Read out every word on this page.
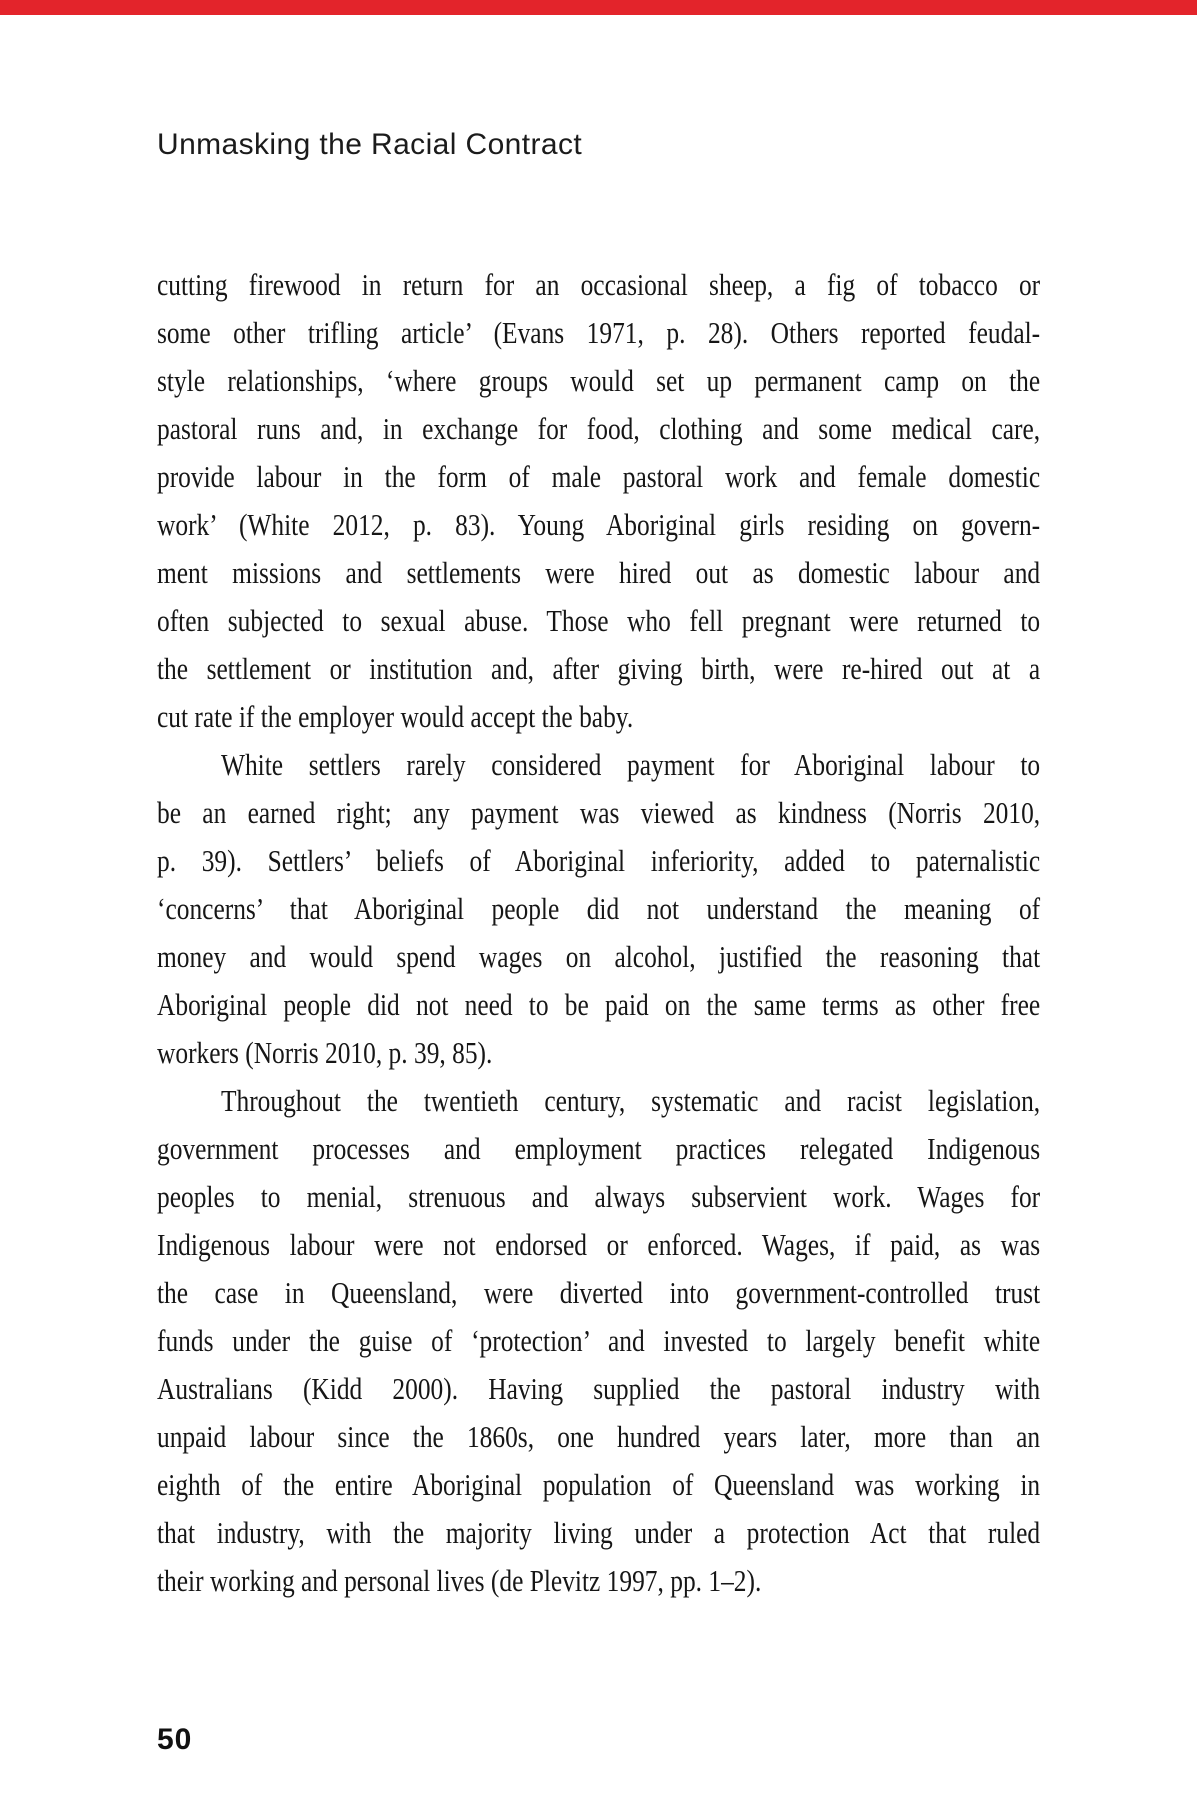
Unmasking the Racial Contract
cutting firewood in return for an occasional sheep, a fig of tobacco or
some other trifling article’ (Evans 1971, p. 28). Others reported feudal-
style relationships, ‘where groups would set up permanent camp on the
pastoral runs and, in exchange for food, clothing and some medical care,
provide labour in the form of male pastoral work and female domestic
work’ (White 2012, p. 83). Young Aboriginal girls residing on govern-
ment missions and settlements were hired out as domestic labour and
often subjected to sexual abuse. Those who fell pregnant were returned to
the settlement or institution and, after giving birth, were re-hired out at a
cut rate if the employer would accept the baby.
White settlers rarely considered payment for Aboriginal labour to
be an earned right; any payment was viewed as kindness (Norris 2010,
p. 39). Settlers’ beliefs of Aboriginal inferiority, added to paternalistic
‘concerns’ that Aboriginal people did not understand the meaning of
money and would spend wages on alcohol, justified the reasoning that
Aboriginal people did not need to be paid on the same terms as other free
workers (Norris 2010, p. 39, 85).
Throughout the twentieth century, systematic and racist legislation,
government processes and employment practices relegated Indigenous
peoples to menial, strenuous and always subservient work. Wages for
Indigenous labour were not endorsed or enforced. Wages, if paid, as was
the case in Queensland, were diverted into government-controlled trust
funds under the guise of ‘protection’ and invested to largely benefit white
Australians (Kidd 2000). Having supplied the pastoral industry with
unpaid labour since the 1860s, one hundred years later, more than an
eighth of the entire Aboriginal population of Queensland was working in
that industry, with the majority living under a protection Act that ruled
their working and personal lives (de Plevitz 1997, pp. 1–2).
50
